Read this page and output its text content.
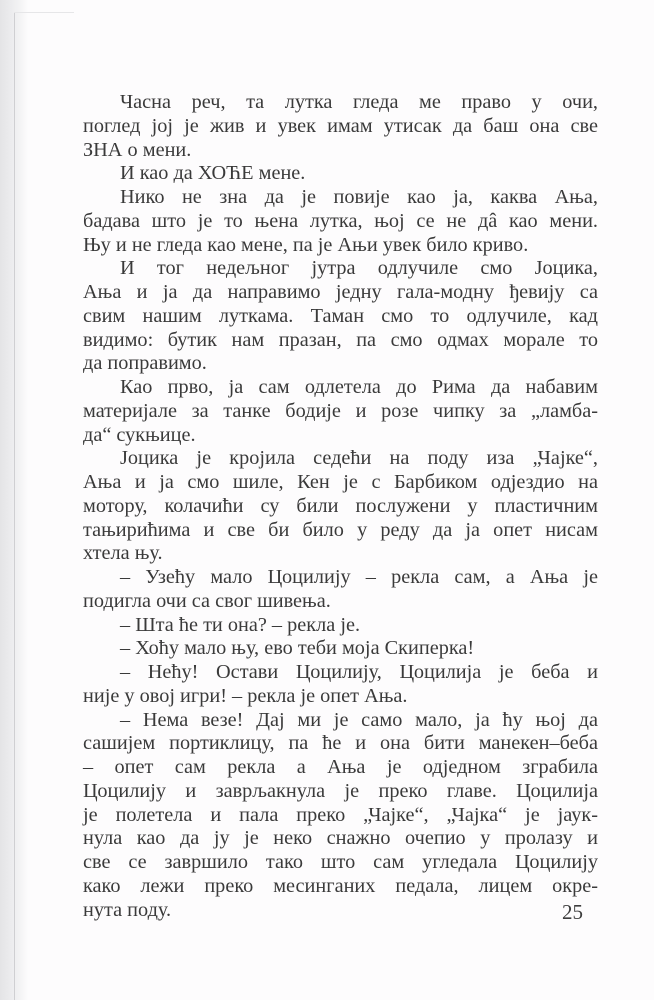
Часна реч, та лутка гледа ме право у очи,
поглед јој је жив и увек имам утисак да баш она све
ЗНА о мени.
И као да ХОЋЕ мене.
Нико не зна да је повије као ја, каква Ања,
бадава што је то њена лутка, њој се не дâ као мени.
Њу и не гледа као мене, па је Ањи увек било криво.
И тог недељног јутра одлучиле смо Јоцика,
Ања и ја да направимо једну гала-модну ђевију са
свим нашим луткама. Таман смо то одлучиле, кад
видимо: бутик нам празан, па смо одмах морале то
да поправимо.
Као прво, ја сам одлетела до Рима да набавим
материјале за танке бодије и розе чипку за „ламба-
да“ сукњице.
Јоцика је кројила седећи на поду иза „Чајке“,
Ања и ја смо шиле, Кен је с Барбиком одјездио на
мотору, колачићи су били послужени у пластичним
тањирићима и све би било у реду да ја опет нисам
хтела њу.
– Узећу мало Цоцилију – рекла сам, а Ања је
подигла очи са свог шивења.
– Шта ће ти она? – рекла је.
– Хоћу мало њу, ево теби моја Скиперка!
– Нећу! Остави Цоцилију, Цоцилија је беба и
није у овој игри! – рекла је опет Ања.
– Нема везе! Дај ми је само мало, ја ћу њој да
сашијем портиклицу, па ће и она бити манекен–беба
– опет сам рекла а Ања је одједном зграбила
Цоцилију и заврљакнула је преко главе. Цоцилија
је полетела и пала преко „Чајке“, „Чајка“ је јаук-
нула као да ју је неко снажно очепио у пролазу и
све се завршило тако што сам угледала Цоцилију
како лежи преко месинганих педала, лицем окре-
нута поду.	25
